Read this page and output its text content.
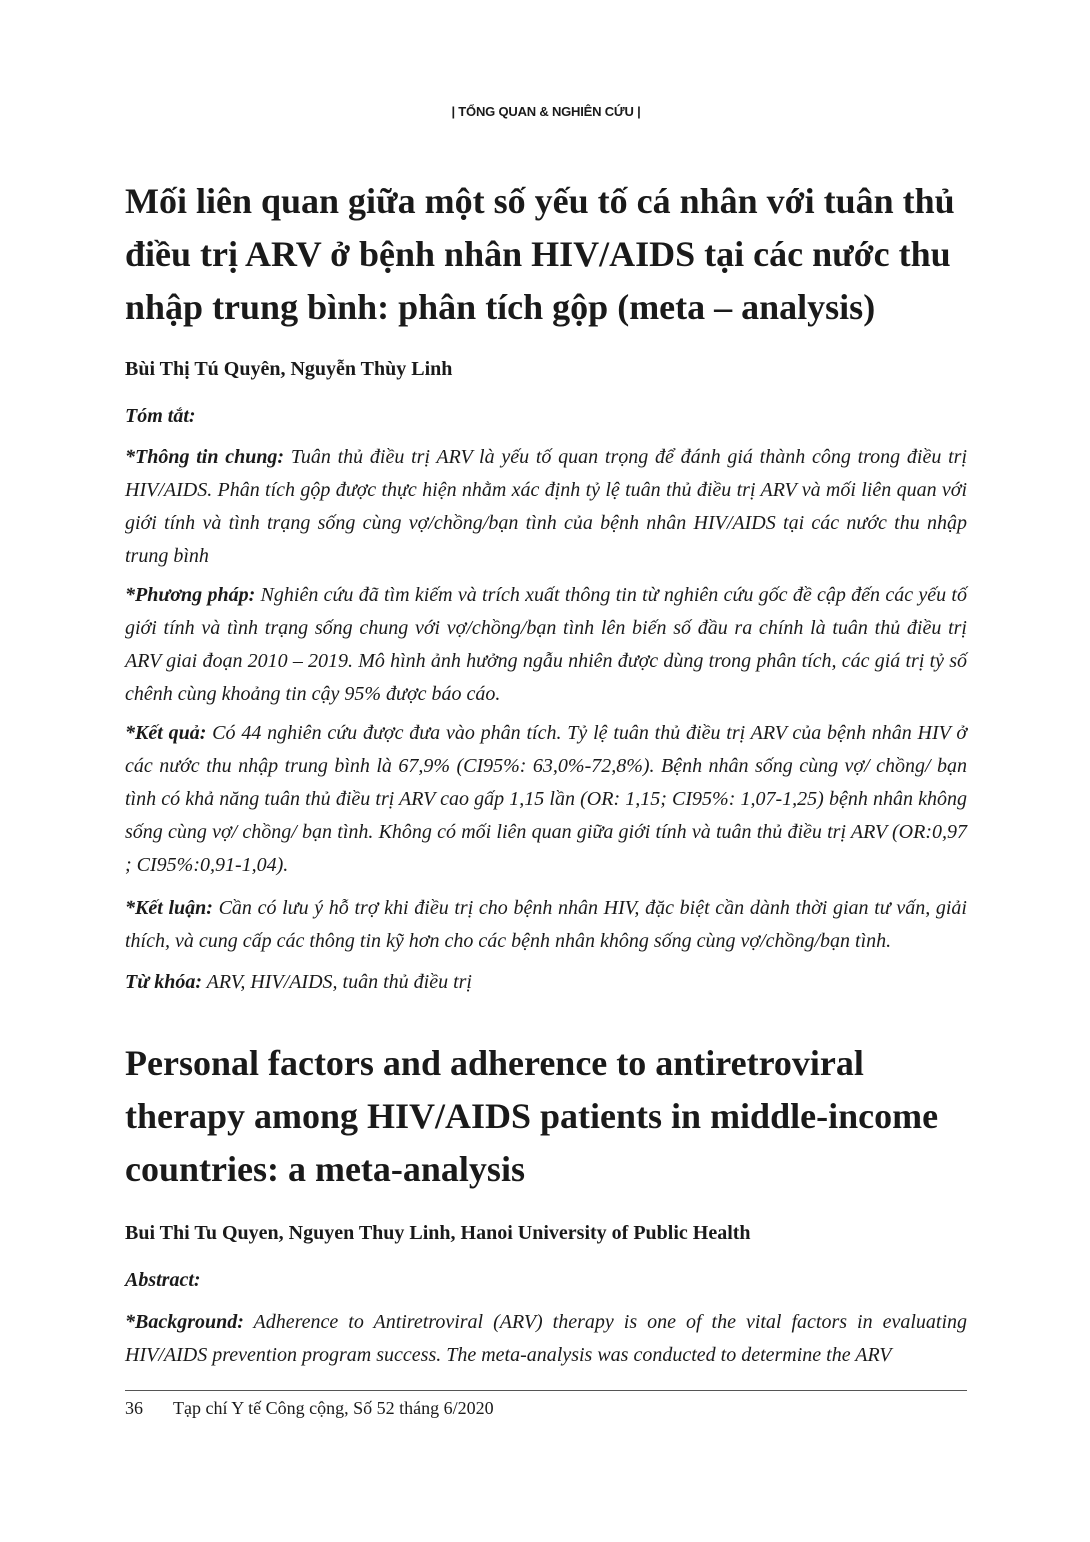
| TỔNG QUAN & NGHIÊN CỨU |
Mối liên quan giữa một số yếu tố cá nhân với tuân thủ điều trị ARV ở bệnh nhân HIV/AIDS tại các nước thu nhập trung bình: phân tích gộp (meta – analysis)
Bùi Thị Tú Quyên, Nguyễn Thùy Linh
Tóm tắt:

*Thông tin chung: Tuân thủ điều trị ARV là yếu tố quan trọng để đánh giá thành công trong điều trị HIV/AIDS. Phân tích gộp được thực hiện nhằm xác định tỷ lệ tuân thủ điều trị ARV và mối liên quan với giới tính và tình trạng sống cùng vợ/chồng/bạn tình của bệnh nhân HIV/AIDS tại các nước thu nhập trung bình

*Phương pháp: Nghiên cứu đã tìm kiếm và trích xuất thông tin từ nghiên cứu gốc đề cập đến các yếu tố giới tính và tình trạng sống chung với vợ/chồng/bạn tình lên biến số đầu ra chính là tuân thủ điều trị ARV giai đoạn 2010 – 2019. Mô hình ảnh hưởng ngẫu nhiên được dùng trong phân tích, các giá trị tỷ số chênh cùng khoảng tin cậy 95% được báo cáo.

*Kết quả: Có 44 nghiên cứu được đưa vào phân tích. Tỷ lệ tuân thủ điều trị ARV của bệnh nhân HIV ở các nước thu nhập trung bình là 67,9% (CI95%: 63,0%-72,8%). Bệnh nhân sống cùng vợ/ chồng/ bạn tình có khả năng tuân thủ điều trị ARV cao gấp 1,15 lần (OR: 1,15; CI95%: 1,07-1,25) bệnh nhân không sống cùng vợ/ chồng/ bạn tình. Không có mối liên quan giữa giới tính và tuân thủ điều trị ARV (OR:0,97 ; CI95%:0,91-1,04).

*Kết luận: Cần có lưu ý hỗ trợ khi điều trị cho bệnh nhân HIV, đặc biệt cần dành thời gian tư vấn, giải thích, và cung cấp các thông tin kỹ hơn cho các bệnh nhân không sống cùng vợ/chồng/bạn tình.

Từ khóa: ARV, HIV/AIDS, tuân thủ điều trị

Personal factors and adherence to antiretroviral therapy among HIV/AIDS patients in middle-income countries: a meta-analysis
Bui Thi Tu Quyen, Nguyen Thuy Linh, Hanoi University of Public Health
Abstract:

*Background: Adherence to Antiretroviral (ARV) therapy is one of the vital factors in evaluating HIV/AIDS prevention program success. The meta-analysis was conducted to determine the ARV

36 Tạp chí Y tế Công cộng, Số 52 tháng 6/2020
